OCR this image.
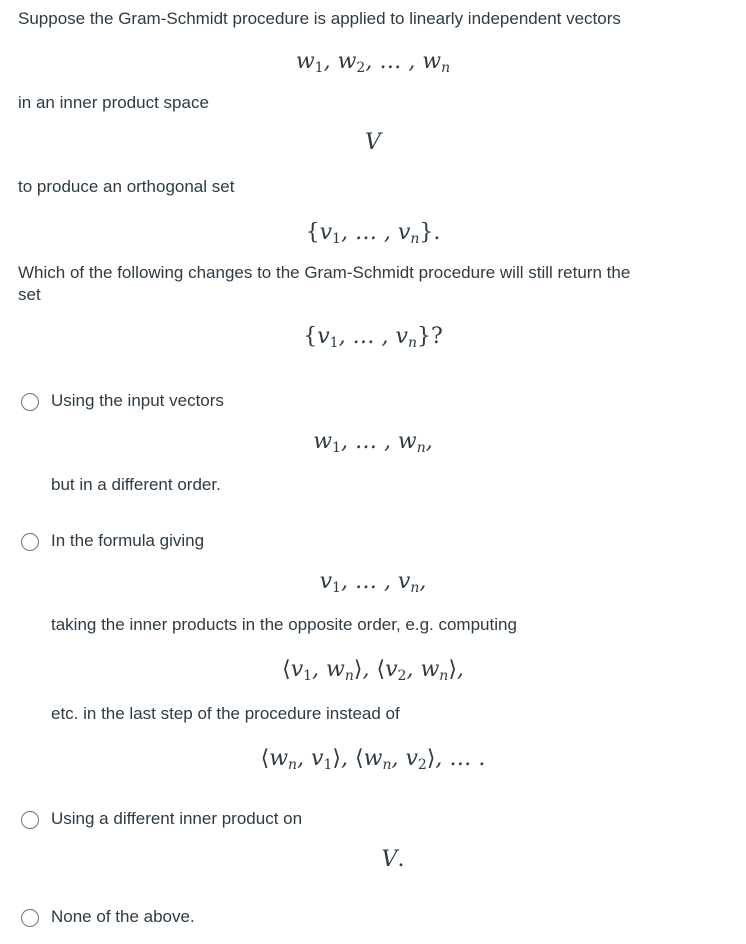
Suppose the Gram-Schmidt procedure is applied to linearly independent vectors
$w_1$, $w_2$, … , $w_n$
in an inner product space
V
to produce an orthogonal set
{$v_1$, … , $v_n$}.
Which of the following changes to the Gram-Schmidt procedure will still return the
set
{$v_1$, … , $v_n$}?
Using the input vectors
$w_1$, … , $w_n$,
but in a different order.
In the formula giving
$v_1$, … , $v_n$,
taking the inner products in the opposite order, e.g. computing
$⟨v_1$, $w_n⟩$, $⟨v_2$, $w_n⟩$,
etc. in the last step of the procedure instead of
$⟨w_n$, $v_1⟩$, $⟨w_n$, $v_2⟩$, … .
Using a different inner product on
V.
None of the above.
